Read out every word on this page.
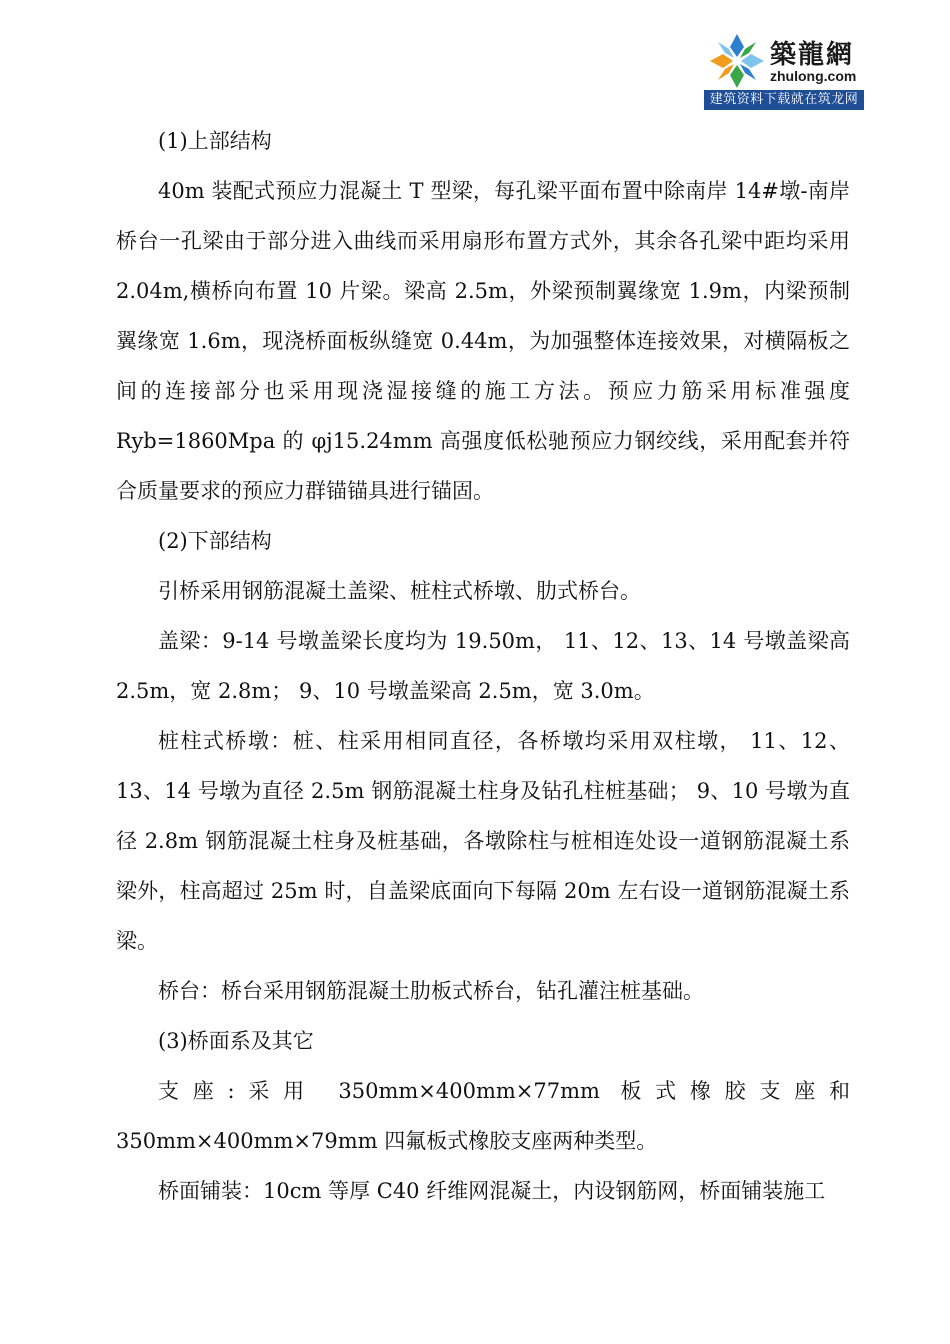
築龍網
zhulong.com
建筑资料下载就在筑龙网

(1)上部结构

40m 装配式预应力混凝土 T 型梁，每孔梁平面布置中除南岸 14#墩-南岸桥台一孔梁由于部分进入曲线而采用扇形布置方式外，其余各孔梁中距均采用 2.04m,横桥向布置 10 片梁。梁高 2.5m，外梁预制翼缘宽 1.9m，内梁预制翼缘宽 1.6m，现浇桥面板纵缝宽 0.44m，为加强整体连接效果，对横隔板之间的连接部分也采用现浇湿接缝的施工方法。预应力筋采用标准强度 Ryb=1860Mpa 的 φj15.24mm 高强度低松驰预应力钢绞线，采用配套并符合质量要求的预应力群锚锚具进行锚固。

(2)下部结构

引桥采用钢筋混凝土盖梁、桩柱式桥墩、肋式桥台。

盖梁：9-14 号墩盖梁长度均为 19.50m， 11、12、13、14 号墩盖梁高 2.5m，宽 2.8m； 9、10 号墩盖梁高 2.5m，宽 3.0m。

桩柱式桥墩：桩、柱采用相同直径，各桥墩均采用双柱墩， 11、12、13、14 号墩为直径 2.5m 钢筋混凝土柱身及钻孔柱桩基础； 9、10 号墩为直径 2.8m 钢筋混凝土柱身及桩基础，各墩除柱与桩相连处设一道钢筋混凝土系梁外，柱高超过 25m 时，自盖梁底面向下每隔 20m 左右设一道钢筋混凝土系梁。

桥台：桥台采用钢筋混凝土肋板式桥台，钻孔灌注桩基础。

(3)桥面系及其它

支座:采用 350mm×400mm×77mm 板式橡胶支座和 350mm×400mm×79mm 四氟板式橡胶支座两种类型。

桥面铺装：10cm 等厚 C40 纤维网混凝土，内设钢筋网，桥面铺装施工
